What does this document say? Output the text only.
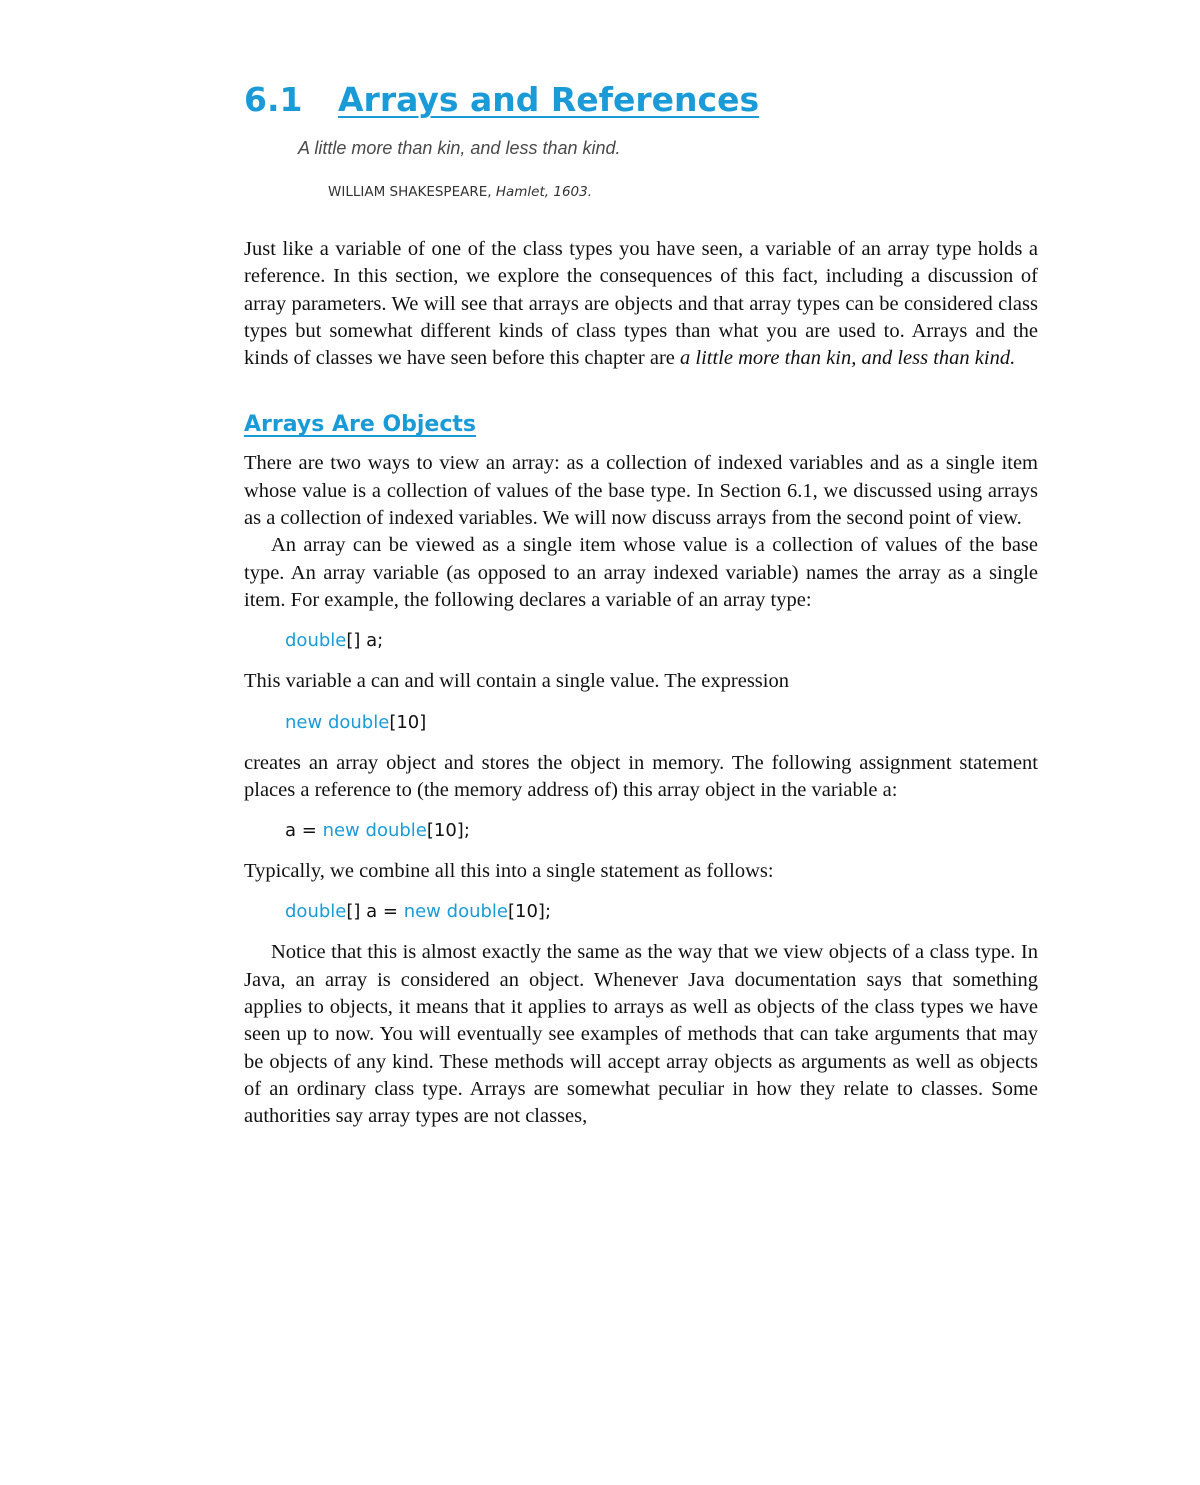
6.1 Arrays and References
A little more than kin, and less than kind.
WILLIAM SHAKESPEARE, Hamlet, 1603.

Just like a variable of one of the class types you have seen, a variable of an array type holds a reference. In this section, we explore the consequences of this fact, including a discussion of array parameters. We will see that arrays are objects and that array types can be considered class types but somewhat different kinds of class types than what you are used to. Arrays and the kinds of classes we have seen before this chapter are a little more than kin, and less than kind.

Arrays Are Objects

There are two ways to view an array: as a collection of indexed variables and as a single item whose value is a collection of values of the base type. In Section 6.1, we discussed using arrays as a collection of indexed variables. We will now discuss arrays from the second point of view.

An array can be viewed as a single item whose value is a collection of values of the base type. An array variable (as opposed to an array indexed variable) names the array as a single item. For example, the following declares a variable of an array type:

double[] a;

This variable a can and will contain a single value. The expression

new double[10]

creates an array object and stores the object in memory. The following assignment statement places a reference to (the memory address of) this array object in the variable a:

a = new double[10];

Typically, we combine all this into a single statement as follows:

double[] a = new double[10];

Notice that this is almost exactly the same as the way that we view objects of a class type. In Java, an array is considered an object. Whenever Java documentation says that something applies to objects, it means that it applies to arrays as well as objects of the class types we have seen up to now. You will eventually see examples of methods that can take arguments that may be objects of any kind. These methods will accept array objects as arguments as well as objects of an ordinary class type. Arrays are somewhat peculiar in how they relate to classes. Some authorities say array types are not classes,
